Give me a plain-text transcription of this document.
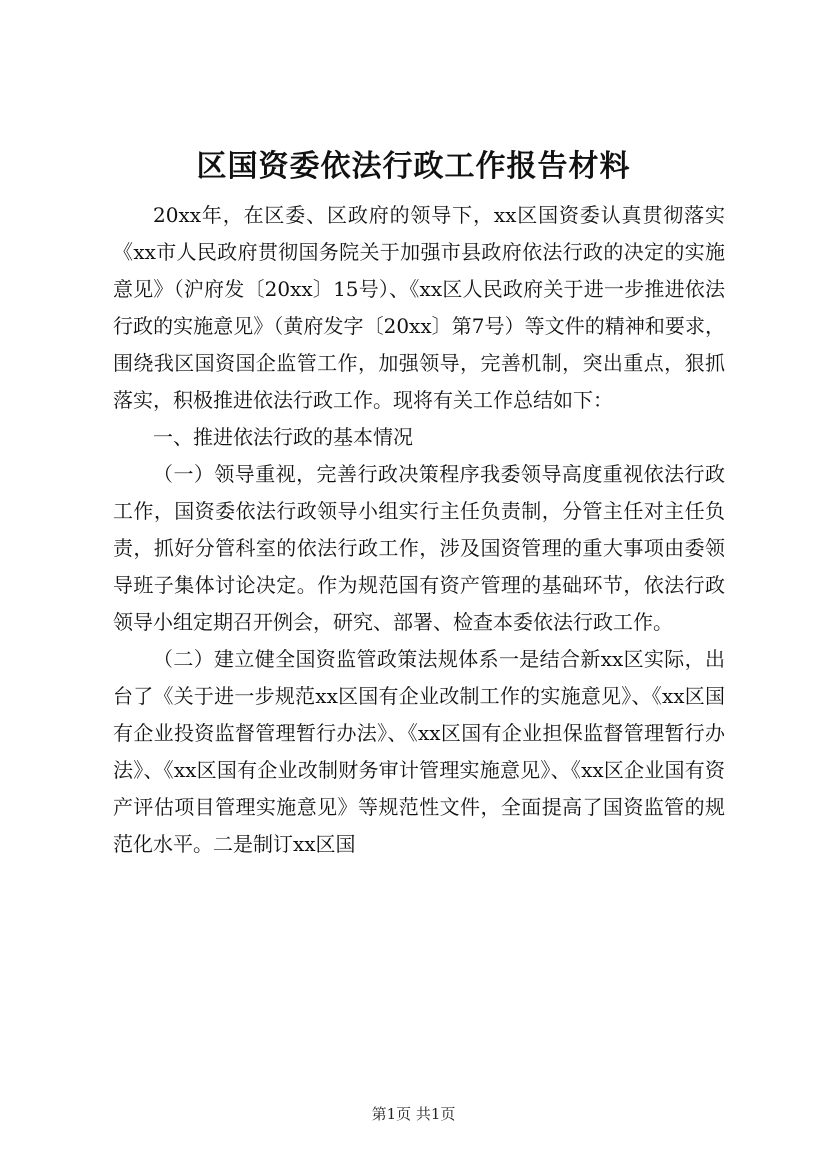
区国资委依法行政工作报告材料

20xx年，在区委、区政府的领导下，xx区国资委认真贯彻落实《xx市人民政府贯彻国务院关于加强市县政府依法行政的决定的实施意见》（沪府发〔20xx〕15号）、《xx区人民政府关于进一步推进依法行政的实施意见》（黄府发字〔20xx〕第7号）等文件的精神和要求，围绕我区国资国企监管工作，加强领导，完善机制，突出重点，狠抓落实，积极推进依法行政工作。现将有关工作总结如下：

一、推进依法行政的基本情况

（一）领导重视，完善行政决策程序我委领导高度重视依法行政工作，国资委依法行政领导小组实行主任负责制，分管主任对主任负责，抓好分管科室的依法行政工作，涉及国资管理的重大事项由委领导班子集体讨论决定。作为规范国有资产管理的基础环节，依法行政领导小组定期召开例会，研究、部署、检查本委依法行政工作。

（二）建立健全国资监管政策法规体系一是结合新xx区实际，出台了《关于进一步规范xx区国有企业改制工作的实施意见》、《xx区国有企业投资监督管理暂行办法》、《xx区国有企业担保监督管理暂行办法》、《xx区国有企业改制财务审计管理实施意见》、《xx区企业国有资产评估项目管理实施意见》等规范性文件，全面提高了国资监管的规范化水平。二是制订xx区国

第1页 共1页
